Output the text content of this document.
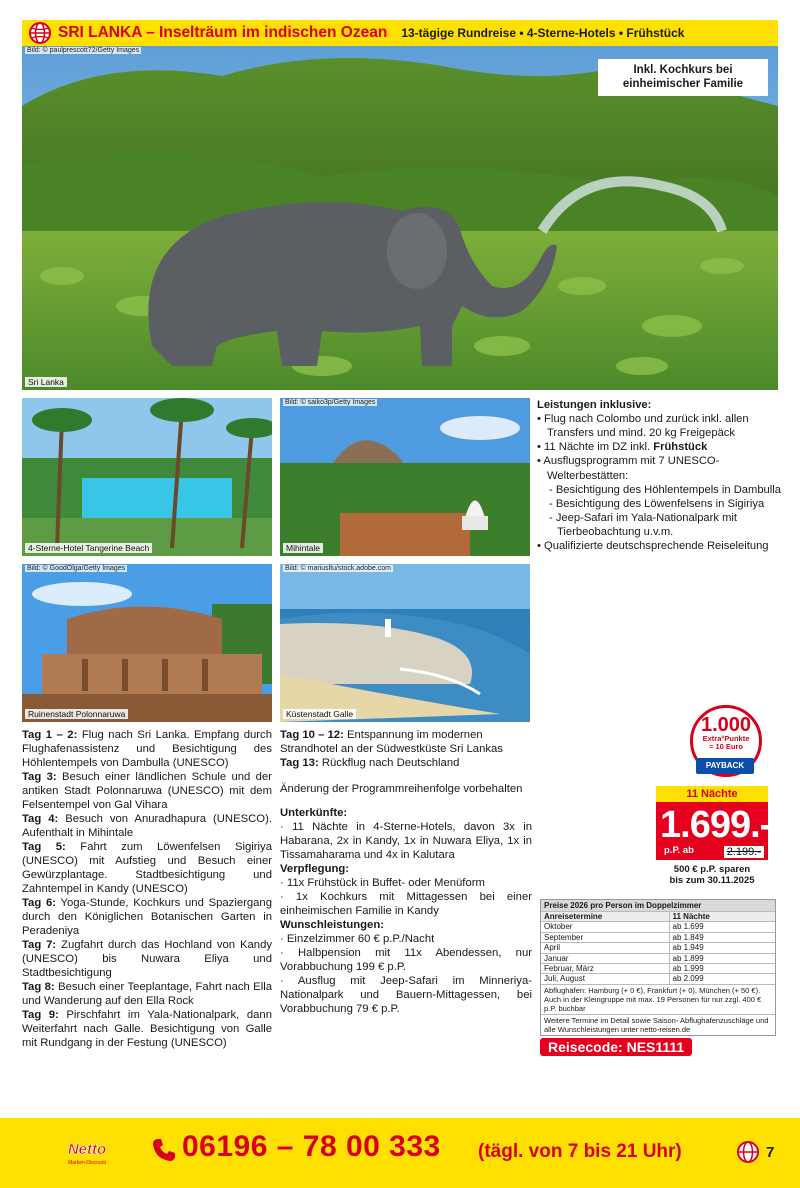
SRI LANKA – Inselträum im indischen Ozean 13-tägige Rundreise • 4-Sterne-Hotels • Frühstück
Bild: © paulprescott72/Getty Images
Sri Lanka
Inkl. Kochkurs bei einheimischer Familie
4-Sterne-Hotel Tangerine Beach
Bild: © saiko3p/Getty Images
Mihintale
Bild: © GoodOlga/Getty Images
Ruinenstadt Polonnaruwa
Bild: © mariusltu/stock.adobe.com
Küstenstadt Galle

Leistungen inklusive:

• Flug nach Colombo und zurück inkl. allen Transfers und mind. 20 kg Freigepäck

• 11 Nächte im DZ inkl. Frühstück

• Ausflugsprogramm mit 7 UNESCO-Welterbestätten:

- Besichtigung des Höhlentempels in Dambulla

- Besichtigung des Löwenfelsens in Sigiriya

- Jeep-Safari im Yala-Nationalpark mit Tierbeobachtung u.v.m.

• Qualifizierte deutschsprechende Reiseleitung

Tag 1 – 2: Flug nach Sri Lanka. Empfang durch Flughafenassistenz und Besichtigung des Höhlentempels von Dambulla (UNESCO)

Tag 3: Besuch einer ländlichen Schule und der antiken Stadt Polonnaruwa (UNESCO) mit dem Felsentempel von Gal Vihara

Tag 4: Besuch von Anuradhapura (UNESCO). Aufenthalt in Mihintale

Tag 5: Fahrt zum Löwenfelsen Sigiriya (UNESCO) mit Aufstieg und Besuch einer Gewürzplantage. Stadtbesichtigung und Zahntempel in Kandy (UNESCO)

Tag 6: Yoga-Stunde, Kochkurs und Spaziergang durch den Königlichen Botanischen Garten in Peradeniya

Tag 7: Zugfahrt durch das Hochland von Kandy (UNESCO) bis Nuwara Eliya und Stadtbesichtigung

Tag 8: Besuch einer Teeplantage, Fahrt nach Ella und Wanderung auf den Ella Rock

Tag 9: Pirschfahrt im Yala-Nationalpark, dann Weiterfahrt nach Galle. Besichtigung von Galle mit Rundgang in der Festung (UNESCO)

Tag 10 – 12: Entspannung im modernen Strandhotel an der Südwestküste Sri Lankas

Tag 13: Rückflug nach Deutschland

Änderung der Programmreihenfolge vorbehalten

Unterkünfte:

· 11 Nächte in 4-Sterne-Hotels, davon 3x in Habarana, 2x in Kandy, 1x in Nuwara Eliya, 1x in Tissamaharama und 4x in Kalutara

Verpflegung:

· 11x Frühstück in Buffet- oder Menüform

· 1x Kochkurs mit Mittagessen bei einer einheimischen Familie in Kandy

Wunschleistungen:

· Einzelzimmer 60 € p.P./Nacht

· Halbpension mit 11x Abendessen, nur Vorabbuchung 199 € p.P.

· Ausflug mit Jeep-Safari im Minneriya-Nationalpark und Bauern-Mittagessen, bei Vorabbuchung 79 € p.P.

1.000
Extra°Punkte
= 10 Euro
PAYBACK
11 Nächte
1.699.-
p.P. ab	2.199.-
500 € p.P. sparen
bis zum 30.11.2025
Preise 2026 pro Person im Doppelzimmer
Anreisetermine	11 Nächte
Oktober	ab 1.699
September	ab 1.849
April	ab 1.949
Januar	ab 1.899
Februar, März	ab 1.999
Juli, August	ab 2.099
Abflughäfen: Hamburg (+ 0 €), Frankfurt (+ 0), München (+ 50 €). Auch in der Kleingruppe mit max. 19 Personen für nur zzgl. 400 € p.P. buchbar
Weitere Termine im Detail sowie Saison- Abflughafenzuschläge und alle Wunschleistungen unter netto-reisen.de
Reisecode: NES1111
Netto
Marken-Discount	06196 – 78 00 333 (tägl. von 7 bis 21 Uhr)	7
